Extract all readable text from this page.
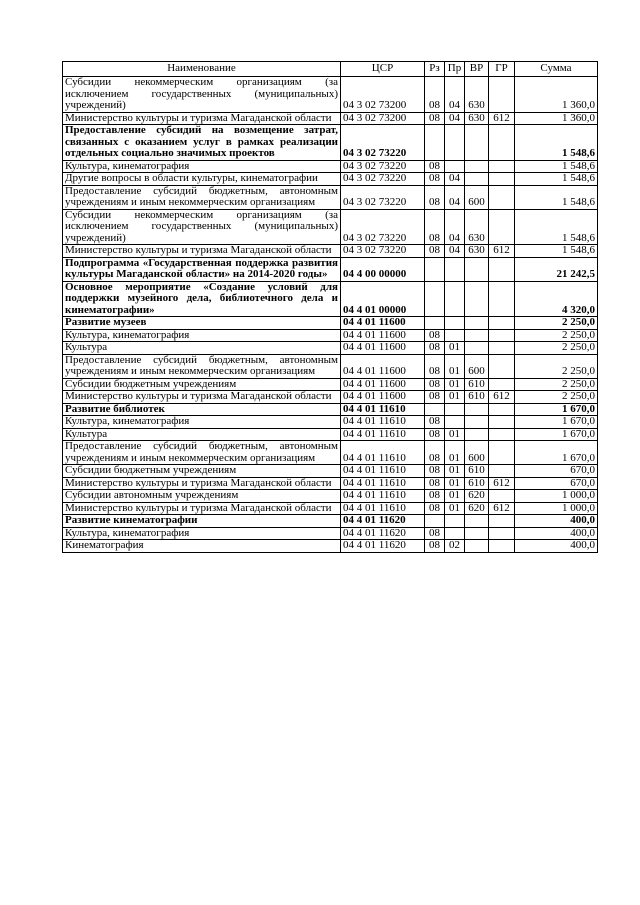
Наименование	ЦСР	Рз	Пр	ВР	ГР	Сумма
Субсидии некоммерческим организациям (за исключением государственных (муниципальных) учреждений)	04 3 02 73200	08	04	630		1 360,0
Министерство культуры и туризма Магаданской области	04 3 02 73200	08	04	630	612	1 360,0
Предоставление субсидий на возмещение затрат, связанных с оказанием услуг в рамках реализации отдельных социально значимых проектов	04 3 02 73220					1 548,6
Культура, кинематография	04 3 02 73220	08				1 548,6
Другие вопросы в области культуры, кинематографии	04 3 02 73220	08	04			1 548,6
Предоставление субсидий бюджетным, автономным учреждениям и иным некоммерческим организациям	04 3 02 73220	08	04	600		1 548,6
Субсидии некоммерческим организациям (за исключением государственных (муниципальных) учреждений)	04 3 02 73220	08	04	630		1 548,6
Министерство культуры и туризма Магаданской области	04 3 02 73220	08	04	630	612	1 548,6
Подпрограмма «Государственная поддержка развития культуры Магаданской области» на 2014-2020 годы»	04 4 00 00000					21 242,5
Основное мероприятие «Создание условий для поддержки музейного дела, библиотечного дела и кинематографии»	04 4 01 00000					4 320,0
Развитие музеев	04 4 01 11600					2 250,0
Культура, кинематография	04 4 01 11600	08				2 250,0
Культура	04 4 01 11600	08	01			2 250,0
Предоставление субсидий бюджетным, автономным учреждениям и иным некоммерческим организациям	04 4 01 11600	08	01	600		2 250,0
Субсидии бюджетным учреждениям	04 4 01 11600	08	01	610		2 250,0
Министерство культуры и туризма Магаданской области	04 4 01 11600	08	01	610	612	2 250,0
Развитие библиотек	04 4 01 11610					1 670,0
Культура, кинематография	04 4 01 11610	08				1 670,0
Культура	04 4 01 11610	08	01			1 670,0
Предоставление субсидий бюджетным, автономным учреждениям и иным некоммерческим организациям	04 4 01 11610	08	01	600		1 670,0
Субсидии бюджетным учреждениям	04 4 01 11610	08	01	610		670,0
Министерство культуры и туризма Магаданской области	04 4 01 11610	08	01	610	612	670,0
Субсидии автономным учреждениям	04 4 01 11610	08	01	620		1 000,0
Министерство культуры и туризма Магаданской области	04 4 01 11610	08	01	620	612	1 000,0
Развитие кинематографии	04 4 01 11620					400,0
Культура, кинематография	04 4 01 11620	08				400,0
Кинематография	04 4 01 11620	08	02			400,0
